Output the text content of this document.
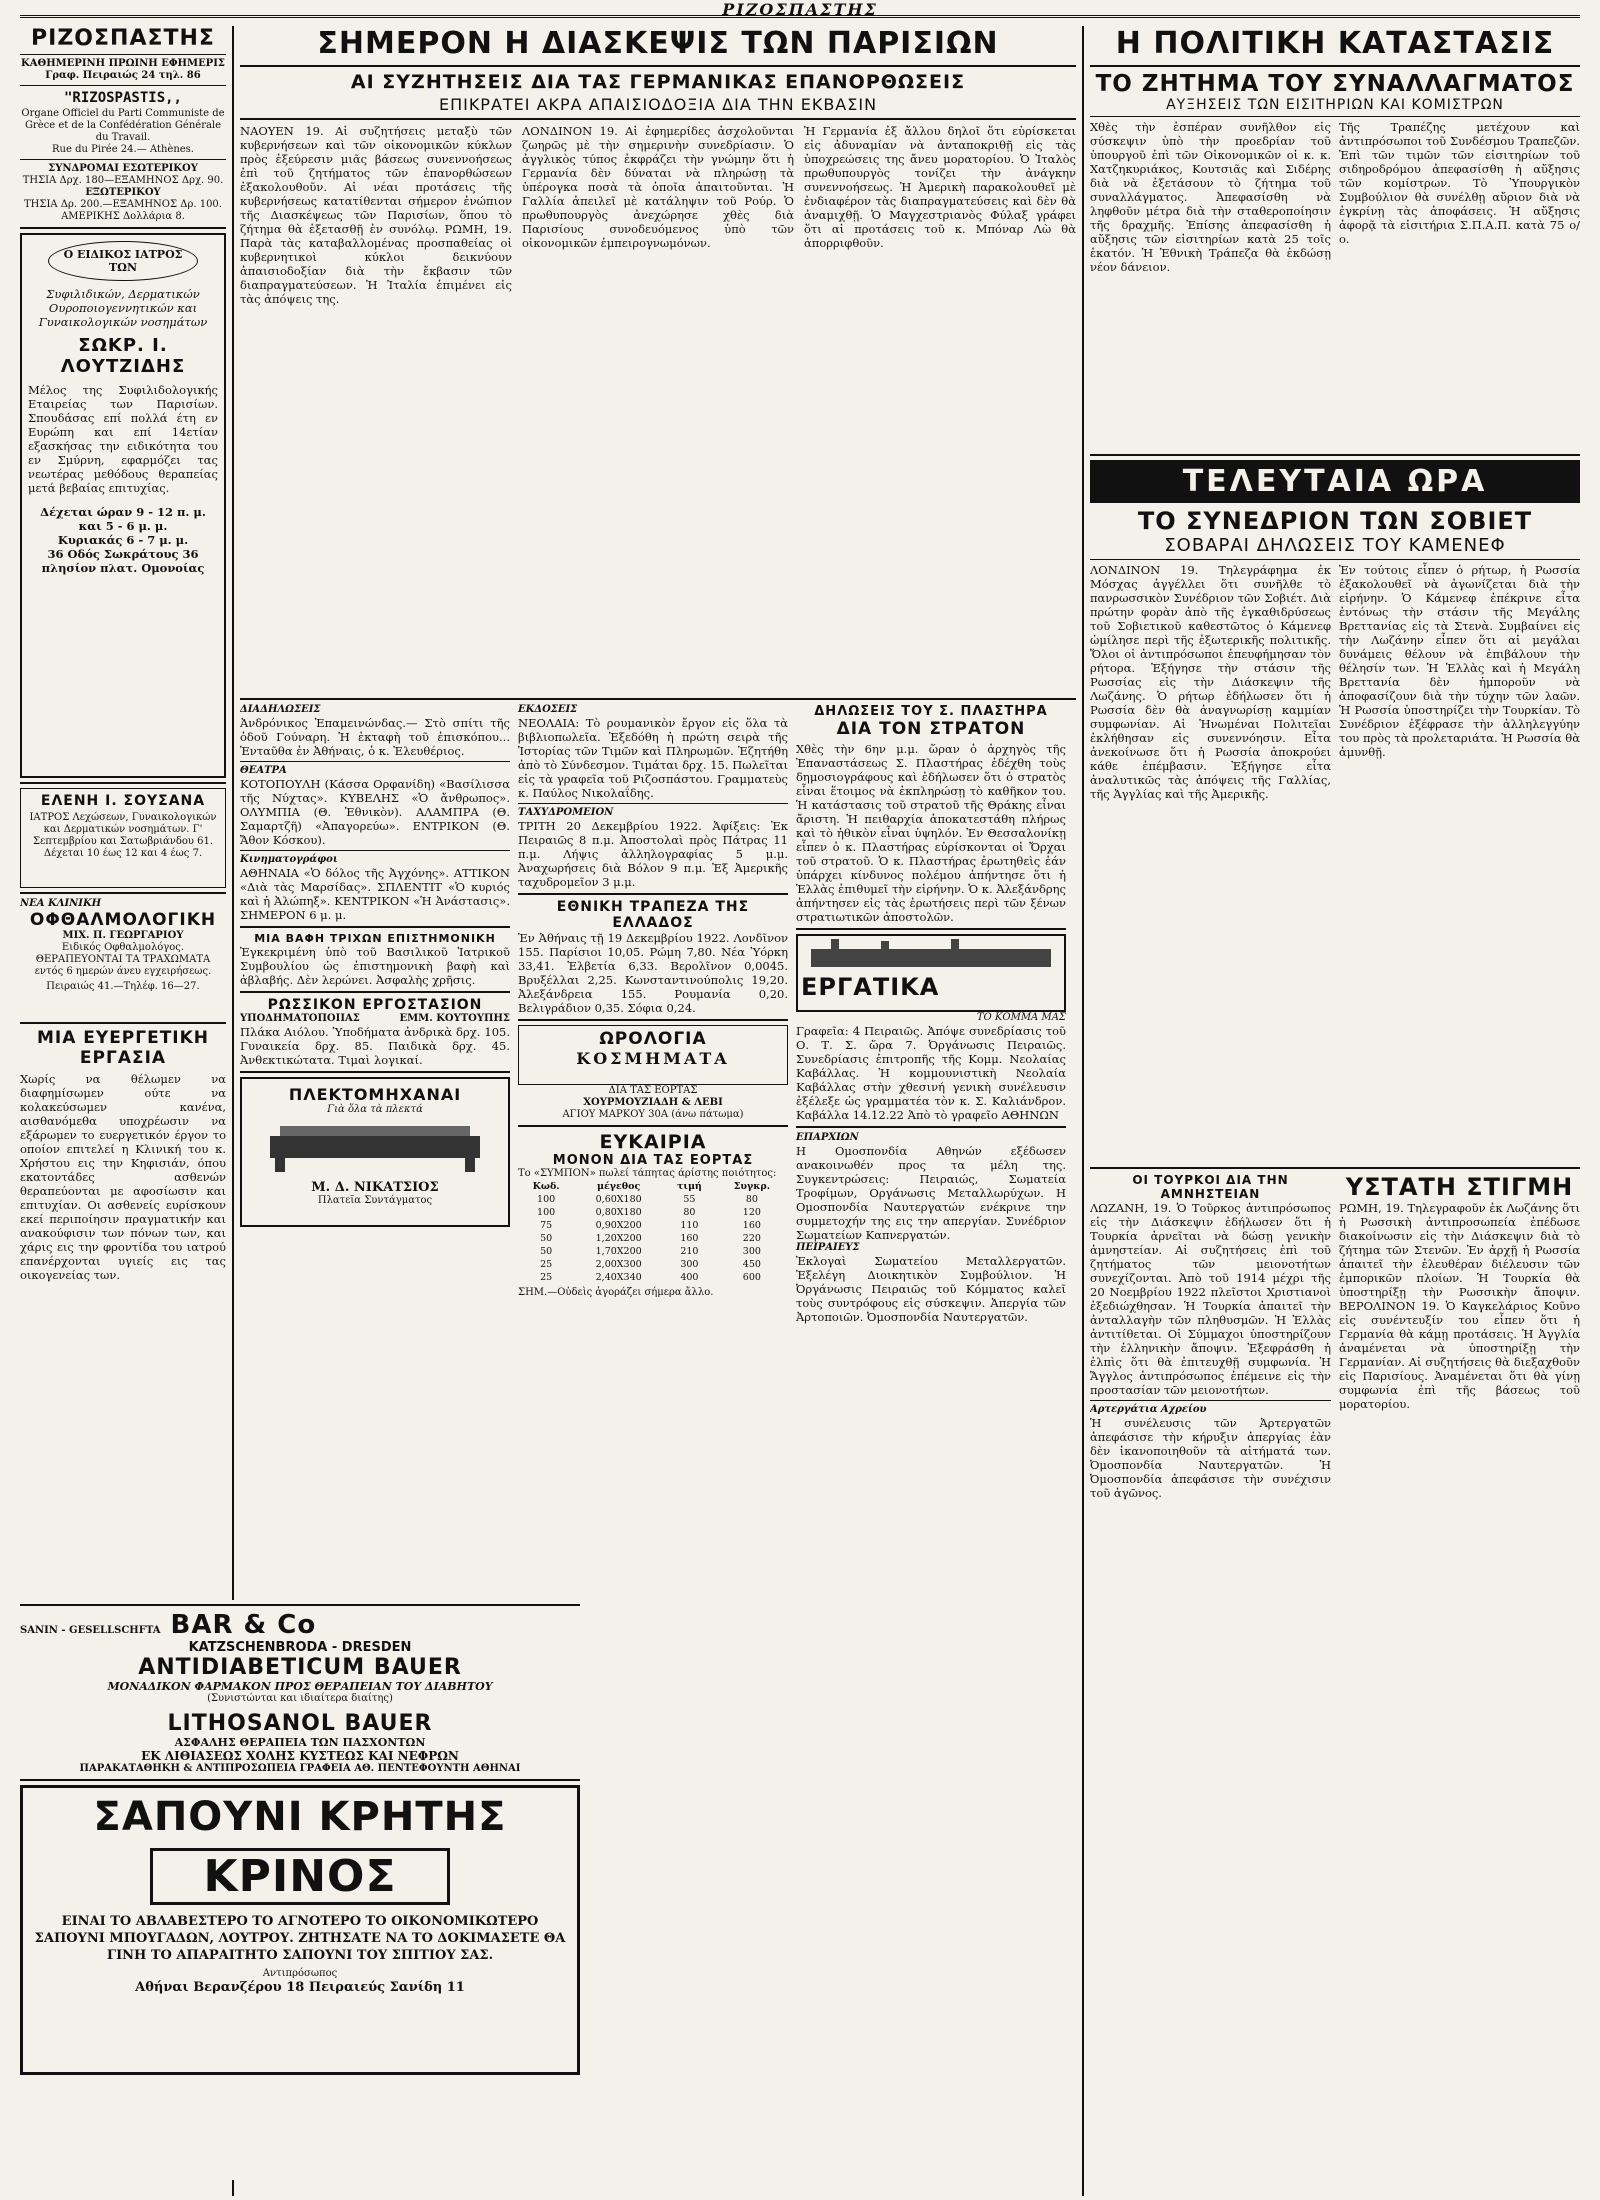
ΡΙΖΟΣΠΑΣΤΗΣ
ΡΙΖΟΣΠΑΣΤΗΣ
ΚΑΘΗΜΕΡΙΝΗ ΠΡΩΙΝΗ ΕΦΗΜΕΡΙΣ
Γραφ. Πειραιώς 24 τηλ. 86
"RIZOSPASTIS,,
Organe Officiel du Parti Communiste de Grèce et de la Confédération Générale du Travail.
Rue du Pirée 24.— Athènes.
ΣΥΝΔΡΟΜΑΙ ΕΣΩΤΕΡΙΚΟΥ
ΤΗΣΙΑ Δρχ. 180—ΕΞΑΜΗΝΟΣ Δρχ. 90.
ΕΞΩΤΕΡΙΚΟΥ
ΤΗΣΙΑ Δρ. 200.—ΕΞΑΜΗΝΟΣ Δρ. 100.
ΑΜΕΡΙΚΗΣ Δολλάρια 8.
Ο ΕΙΔΙΚΟΣ ΙΑΤΡΟΣ ΤΩΝ
Συφιλιδικών, Δερματικών Ουροποιογεννητικών και Γυναικολογικών νοσημάτων
ΣΩΚΡ. Ι. ΛΟΥΤΖΙΔΗΣ
Μέλος της Συφιλιδολογικής Εταιρείας των Παρισίων. Σπουδάσας επί πολλά έτη εν Ευρώπη και επί 14ετίαν εξασκήσας την ειδικότητα του εν Σμύρνη, εφαρμόζει τας νεωτέρας μεθόδους θεραπείας μετά βεβαίας επιτυχίας.
Δέχεται ώραν 9 - 12 π. μ. και 5 - 6 μ. μ.
Κυριακάς 6 - 7 μ. μ.
36 Οδός Σωκράτους 36 πλησίον πλατ. Ομονοίας
ΕΛΕΝΗ Ι. ΣΟΥΣΑΝΑ
ΙΑΤΡΟΣ Λεχώσεων, Γυναικολογικών και Δερματικών νοσημάτων. Γ' Σεπτεμβρίου και Σατωβριάνδου 61. Δέχεται 10 έως 12 και 4 έως 7.
ΝΕΑ ΚΛΙΝΙΚΗ
ΟΦΘΑΛΜΟΛΟΓΙΚΗ
ΜΙΧ. Π. ΓΕΩΡΓΑΡΙΟΥ
Ειδικός Οφθαλμολόγος. ΘΕΡΑΠΕΥΟΝΤΑΙ ΤΑ ΤΡΑΧΩΜΑΤΑ εντός 6 ημερών άνευ εγχειρήσεως.
Πειραιώς 41.—Τηλέφ. 16—27.
ΜΙΑ ΕΥΕΡΓΕΤΙΚΗ ΕΡΓΑΣΙΑ
Χωρίς να θέλωμεν να διαφημίσωμεν ούτε να κολακεύσωμεν κανένα, αισθανόμεθα υποχρέωσιν να εξάρωμεν το ευεργετικόν έργον το οποίον επιτελεί η Κλινική του κ. Χρήστου εις την Κηφισιάν, όπου εκατοντάδες ασθενών θεραπεύονται με αφοσίωσιν και επιτυχίαν. Οι ασθενείς ευρίσκουν εκεί περιποίησιν πραγματικήν και ανακούφισιν των πόνων των, και χάρις εις την φροντίδα του ιατρού επανέρχονται υγιείς εις τας οικογενείας των.
ΣΗΜΕΡΟΝ Η ΔΙΑΣΚΕΨΙΣ ΤΩΝ ΠΑΡΙΣΙΩΝ
ΑΙ ΣΥΖΗΤΗΣΕΙΣ ΔΙΑ ΤΑΣ ΓΕΡΜΑΝΙΚΑΣ ΕΠΑΝΟΡΘΩΣΕΙΣ
ΕΠΙΚΡΑΤΕΙ ΑΚΡΑ ΑΠΑΙΣΙΟΔΟΞΙΑ ΔΙΑ ΤΗΝ ΕΚΒΑΣΙΝ
ΝΑΟΥΕΝ 19. Αἱ συζητήσεις μεταξὺ τῶν κυβερνήσεων καὶ τῶν οἰκονομικῶν κύκλων πρὸς ἐξεύρεσιν μιᾶς βάσεως συνεννοήσεως ἐπὶ τοῦ ζητήματος τῶν ἐπανορθώσεων ἐξακολουθοῦν. Αἱ νέαι προτάσεις τῆς κυβερνήσεως κατατίθενται σήμερον ἐνώπιον τῆς Διασκέψεως τῶν Παρισίων, ὅπου τὸ ζήτημα θὰ ἐξετασθῇ ἐν συνόλῳ. ΡΩΜΗ, 19. Παρὰ τὰς καταβαλλομένας προσπαθείας οἱ κυβερνητικοὶ κύκλοι δεικνύουν ἀπαισιοδοξίαν διὰ τὴν ἔκβασιν τῶν διαπραγματεύσεων. Ἡ Ἰταλία ἐπιμένει εἰς τὰς ἀπόψεις της.
ΛΟΝΔΙΝΟΝ 19. Αἱ ἐφημερίδες ἀσχολοῦνται ζωηρῶς μὲ τὴν σημερινὴν συνεδρίασιν. Ὁ ἀγγλικὸς τύπος ἐκφράζει τὴν γνώμην ὅτι ἡ Γερμανία δὲν δύναται νὰ πληρώσῃ τὰ ὑπέρογκα ποσὰ τὰ ὁποῖα ἀπαιτοῦνται. Ἡ Γαλλία ἀπειλεῖ μὲ κατάληψιν τοῦ Ρούρ. Ὁ πρωθυπουργὸς ἀνεχώρησε χθὲς διὰ Παρισίους συνοδευόμενος ὑπὸ τῶν οἰκονομικῶν ἐμπειρογνωμόνων.
Ἡ Γερμανία ἐξ ἄλλου δηλοῖ ὅτι εὑρίσκεται εἰς ἀδυναμίαν νὰ ἀνταποκριθῇ εἰς τὰς ὑποχρεώσεις της ἄνευ μορατορίου. Ὁ Ἰταλὸς πρωθυπουργὸς τονίζει τὴν ἀνάγκην συνεννοήσεως. Ἡ Ἀμερικὴ παρακολουθεῖ μὲ ἐνδιαφέρον τὰς διαπραγματεύσεις καὶ δὲν θὰ ἀναμιχθῇ. Ὁ Μαγχεστριανὸς Φύλαξ γράφει ὅτι αἱ προτάσεις τοῦ κ. Μπόναρ Λὼ θὰ ἀπορριφθοῦν.
ΔΙΑΔΗΛΩΣΕΙΣ
Ἀνδρόνικος Ἐπαμεινώνδας.— Στὸ σπίτι τῆς ὁδοῦ Γούναρη. Ἡ ἐκταφὴ τοῦ ἐπισκόπου... Ἐνταῦθα ἐν Ἀθήναις, ὁ κ. Ἐλευθέριος.
ΘΕΑΤΡΑ
ΚΟΤΟΠΟΥΛΗ (Κάσσα Ορφανίδη) «Βασίλισσα τῆς Νύχτας». ΚΥΒΕΛΗΣ «Ὁ ἄνθρωπος». ΟΛΥΜΠΙΑ (Θ. Ἐθνικὸν). ΑΛΑΜΠΡΑ (Θ. Σαμαρτζῆ) «Ἀπαγορεύω». ΕΝΤΡΙΚΟΝ (Θ. Ἄθον Κόσκου).
Κινηματογράφοι
ΑΘΗΝΑΙΑ «Ὁ δόλος τῆς Ἀγχόνης». ΑΤΤΙΚΟΝ «Διὰ τὰς Μαρσίδας». ΣΠΛΕΝΤΙΤ «Ὁ κυριός καὶ ἡ Ἀλώπηξ». ΚΕΝΤΡΙΚΟΝ «Ἡ Ἀνάστασις». ΣΗΜΕΡΟΝ 6 μ. μ.
ΜΙΑ ΒΑΦΗ ΤΡΙΧΩΝ ΕΠΙΣΤΗΜΟΝΙΚΗ
Ἐγκεκριμένη ὑπὸ τοῦ Βασιλικοῦ Ἰατρικοῦ Συμβουλίου ὡς ἐπιστημονικὴ βαφὴ καὶ ἀβλαβής. Δὲν λερώνει. Ἀσφαλὴς χρῆσις.
ΡΩΣΣΙΚΟΝ ΕΡΓΟΣΤΑΣΙΟΝ
ΥΠΟΔΗΜΑΤΟΠΟΙΙΑΣ	ΕΜΜ. ΚΟΥΤΟΥΠΗΣ
Πλάκα Αιόλου. Ὑποδήματα ἀνδρικὰ δρχ. 105. Γυναικεία δρχ. 85. Παιδικὰ δρχ. 45. Ἀνθεκτικώτατα. Τιμαὶ λογικαί.
ΠΛΕΚΤΟΜΗΧΑΝΑΙ
Γιὰ ὅλα τὰ πλεκτά
Μ. Δ. ΝΙΚΑΤΣΙΟΣ
Πλατεῖα Συντάγματος
ΕΚΔΟΣΕΙΣ
ΝΕΟΛΑΙΑ: Τὸ ρουμανικὸν ἔργον εἰς ὅλα τὰ βιβλιοπωλεῖα. Ἐξεδόθη ἡ πρώτη σειρὰ τῆς Ἰστορίας τῶν Τιμῶν καὶ Πληρωμῶν. Ἐζητήθη ἀπὸ τὸ Σύνδεσμον. Τιμάται δρχ. 15. Πωλεῖται εἰς τὰ γραφεῖα τοῦ Ριζοσπάστου. Γραμματεὺς κ. Παύλος Νικολαΐδης.
ΤΑΧΥΔΡΟΜΕΙΟΝ
ΤΡΙΤΗ 20 Δεκεμβρίου 1922. Ἀφίξεις: Ἐκ Πειραιῶς 8 π.μ. Ἀποστολαὶ πρὸς Πάτρας 11 π.μ. Λήψις ἀλληλογραφίας 5 μ.μ. Ἀναχωρήσεις διὰ Βόλον 9 π.μ. Ἐξ Ἀμερικῆς ταχυδρομεῖον 3 μ.μ.
ΕΘΝΙΚΗ ΤΡΑΠΕΖΑ ΤΗΣ ΕΛΛΑΔΟΣ
Ἐν Ἀθήναις τῇ 19 Δεκεμβρίου 1922. Λονδῖνον 155. Παρίσιοι 10,05. Ρώμη 7,80. Νέα Ὑόρκη 33,41. Ἑλβετία 6,33. Βερολῖνον 0,0045. Βρυξέλλαι 2,25. Κωνσταντινούπολις 19,20. Ἀλεξάνδρεια 155. Ρουμανία 0,20. Βελιγράδιον 0,35. Σόφια 0,24.
ΩΡΟΛΟΓΙΑ
ΚΟΣΜΗΜΑΤΑ
ΔΙΑ ΤΑΣ ΕΟΡΤΑΣ
ΧΟΥΡΜΟΥΖΙΑΔΗ & ΛΕΒΙ
ΑΓΙΟΥ ΜΑΡΚΟΥ 30Α (άνω πάτωμα)
ΕΥΚΑΙΡΙΑ
ΜΟΝΟΝ ΔΙΑ ΤΑΣ ΕΟΡΤΑΣ
Το «ΣΥΜΠΟΝ» πωλεί τάπητας άρίστης ποιότητος:
Κωδ.	μέγεθος	τιμή	Συγκρ.
100	0,60Χ180	55	80
100	0,80Χ180	80	120
75	0,90Χ200	110	160
50	1,20Χ200	160	220
50	1,70Χ200	210	300
25	2,00Χ300	300	450
25	2,40Χ340	400	600
ΣΗΜ.—Οὐδεὶς ἀγοράζει σήμερα ἄλλο.
ΔΗΛΩΣΕΙΣ ΤΟΥ Σ. ΠΛΑΣΤΗΡΑ
ΔΙΑ ΤΟΝ ΣΤΡΑΤΟΝ
Χθὲς τὴν 6ην μ.μ. ὥραν ὁ ἀρχηγὸς τῆς Ἐπαναστάσεως Σ. Πλαστήρας ἐδέχθη τοὺς δημοσιογράφους καὶ ἐδήλωσεν ὅτι ὁ στρατὸς εἶναι ἕτοιμος νὰ ἐκπληρώσῃ τὸ καθῆκον του. Ἡ κατάστασις τοῦ στρατοῦ τῆς Θράκης εἶναι ἄριστη. Ἡ πειθαρχία ἀποκατεστάθη πλήρως καὶ τὸ ἠθικὸν εἶναι ὑψηλόν. Ἐν Θεσσαλονίκῃ εἶπεν ὁ κ. Πλαστήρας εὑρίσκονται οἱ Ὄρχαι τοῦ στρατοῦ. Ὁ κ. Πλαστήρας ἐρωτηθεὶς ἐάν ὑπάρχει κίνδυνος πολέμου ἀπήντησε ὅτι ἡ Ἑλλὰς ἐπιθυμεῖ τὴν εἰρήνην. Ὁ κ. Ἀλεξάνδρης ἀπήντησεν εἰς τὰς ἐρωτήσεις περὶ τῶν ξένων στρατιωτικῶν ἀποστολῶν.
ΕΡΓΑΤΙΚΑ
ΤΟ ΚΟΜΜΑ ΜΑΣ
Γραφεῖα: 4 Πειραιῶς. Ἀπόψε συνεδρίασις τοῦ Ο. Τ. Σ. ὥρα 7. Ὀργάνωσις Πειραιῶς. Συνεδρίασις ἐπιτροπῆς τῆς Κομμ. Νεολαίας Καβάλλας. Ἡ κομμουνιστικὴ Νεολαία Καβάλλας στὴν χθεσινή γενικὴ συνέλευσιν ἐξέλεξε ὡς γραμματέα τὸν κ. Σ. Καλιάνδρον. Καβάλλα 14.12.22 Ἀπὸ τὸ γραφεῖο ΑΘΗΝΩΝ
ΕΠΑΡΧΙΩΝ
Η Ομοσπονδία Αθηνών εξέδωσεν ανακοινωθέν προς τα μέλη της. Συγκεντρώσεις: Πειραιώς, Σωματεία Τροφίμων, Οργάνωσις Μεταλλωρύχων. Η Ομοσπονδία Ναυτεργατών ενέκρινε την συμμετοχήν της εις την απεργίαν. Συνέδριον Σωματείων Καπνεργατών.
ΠΕΙΡΑΙΕΥΣ
Ἐκλογαὶ Σωματείου Μεταλλεργατῶν. Ἐξελέγη Διοικητικὸν Συμβούλιον. Ἡ Ὀργάνωσις Πειραιῶς τοῦ Κόμματος καλεῖ τοὺς συντρόφους εἰς σύσκεψιν. Ἀπεργία τῶν Ἀρτοποιῶν. Ὀμοσπονδία Ναυτεργατῶν.
SANIN - GESELLSCHFTA BAR & Co
KATZSCHENBRODA - DRESDEN
ANTIDIABETICUM BAUER
ΜΟΝΑΔΙΚΟΝ ΦΑΡΜΑΚΟΝ ΠΡΟΣ ΘΕΡΑΠΕΙΑΝ ΤΟΥ ΔΙΑΒΗΤΟΥ
(Συνιστώνται και ιδιαίτερα διαίτης)
LITHOSANOL BAUER
ΑΣΦΑΛΗΣ ΘΕΡΑΠΕΙΑ ΤΩΝ ΠΑΣΧΟΝΤΩΝ
ΕΚ ΛΙΘΙΑΣΕΩΣ ΧΟΛΗΣ ΚΥΣΤΕΩΣ ΚΑΙ ΝΕΦΡΩΝ
ΠΑΡΑΚΑΤΑΘΗΚΗ & ΑΝΤΙΠΡΟΣΩΠΕΙΑ ΓΡΑΦΕΙΑ ΑΘ. ΠΕΝΤΕΦΟΥΝΤΗ ΑΘΗΝΑΙ
ΣΑΠΟΥΝΙ ΚΡΗΤΗΣ
ΚΡΙΝΟΣ
ΕΙΝΑΙ ΤΟ ΑΒΛΑΒΕΣΤΕΡΟ ΤΟ ΑΓΝΟΤΕΡΟ ΤΟ ΟΙΚΟΝΟΜΙΚΩΤΕΡΟ ΣΑΠΟΥΝΙ ΜΠΟΥΓΑΔΩΝ, ΛΟΥΤΡΟΥ. ΖΗΤΗΣΑΤΕ ΝΑ ΤΟ ΔΟΚΙΜΑΣΕΤΕ ΘΑ ΓΙΝΗ ΤΟ ΑΠΑΡΑΙΤΗΤΟ ΣΑΠΟΥΝΙ ΤΟΥ ΣΠΙΤΙΟΥ ΣΑΣ.
Αντιπρόσωπος
Αθήναι Βερανζέρου 18 Πειραιεύς Σανίδη 11
Η ΠΟΛΙΤΙΚΗ ΚΑΤΑΣΤΑΣΙΣ
ΤΟ ΖΗΤΗΜΑ ΤΟΥ ΣΥΝΑΛΛΑΓΜΑΤΟΣ
ΑΥΞΗΣΕΙΣ ΤΩΝ ΕΙΣΙΤΗΡΙΩΝ ΚΑΙ ΚΟΜΙΣΤΡΩΝ
Χθὲς τὴν ἑσπέραν συνῆλθον εἰς σύσκεψιν ὑπὸ τὴν προεδρίαν τοῦ ὑπουργοῦ ἐπὶ τῶν Οἰκονομικῶν οἱ κ. κ. Χατζηκυριάκος, Κουτσιᾶς καὶ Σιδέρης διὰ νὰ ἐξετάσουν τὸ ζήτημα τοῦ συναλλάγματος. Ἀπεφασίσθη νὰ ληφθοῦν μέτρα διὰ τὴν σταθεροποίησιν τῆς δραχμῆς. Ἐπίσης ἀπεφασίσθη ἡ αὔξησις τῶν εἰσιτηρίων κατὰ 25 τοῖς ἑκατόν. Ἡ Ἐθνικὴ Τράπεζα θὰ ἐκδώσῃ νέον δάνειον.
Τῆς Τραπέζης μετέχουν καὶ ἀντιπρόσωποι τοῦ Συνδέσμου Τραπεζῶν. Ἐπὶ τῶν τιμῶν τῶν εἰσιτηρίων τοῦ σιδηροδρόμου ἀπεφασίσθη ἡ αὔξησις τῶν κομίστρων. Τὸ Ὑπουργικὸν Συμβούλιον θὰ συνέλθῃ αὔριον διὰ νὰ ἐγκρίνῃ τὰς ἀποφάσεις. Ἡ αὔξησις ἀφορᾷ τὰ εἰσιτήρια Σ.Π.Α.Π. κατὰ 75 ο/ο.
ΤΕΛΕΥΤΑΙΑ ΩΡΑ
ΤΟ ΣΥΝΕΔΡΙΟΝ ΤΩΝ ΣΟΒΙΕΤ
ΣΟΒΑΡΑΙ ΔΗΛΩΣΕΙΣ ΤΟΥ ΚΑΜΕΝΕΦ
ΛΟΝΔΙΝΟΝ 19. Τηλεγράφημα ἐκ Μόσχας ἀγγέλλει ὅτι συνῆλθε τὸ πανρωσσικὸν Συνέδριον τῶν Σοβιέτ. Διὰ πρώτην φορὰν ἀπὸ τῆς ἐγκαθιδρύσεως τοῦ Σοβιετικοῦ καθεστῶτος ὁ Κάμενεφ ὡμίλησε περὶ τῆς ἐξωτερικῆς πολιτικῆς. Ὅλοι οἱ ἀντιπρόσωποι ἐπευφήμησαν τὸν ρήτορα. Ἐξήγησε τὴν στάσιν τῆς Ρωσσίας εἰς τὴν Διάσκεψιν τῆς Λωζάνης. Ὁ ρήτωρ ἐδήλωσεν ὅτι ἡ Ρωσσία δὲν θὰ ἀναγνωρίσῃ καμμίαν συμφωνίαν. Αἱ Ἡνωμέναι Πολιτεῖαι ἐκλήθησαν εἰς συνεννόησιν. Εἶτα ἀνεκοίνωσε ὅτι ἡ Ρωσσία ἀποκρούει κάθε ἐπέμβασιν. Ἐξήγησε εἶτα ἀναλυτικῶς τὰς ἀπόψεις τῆς Γαλλίας, τῆς Ἀγγλίας καὶ τῆς Ἀμερικῆς.
Ἐν τούτοις εἶπεν ὁ ρήτωρ, ἡ Ρωσσία ἐξακολουθεῖ νὰ ἀγωνίζεται διὰ τὴν εἰρήνην. Ὁ Κάμενεφ ἐπέκρινε εἶτα ἐντόνως τὴν στάσιν τῆς Μεγάλης Βρεττανίας εἰς τὰ Στενὰ. Συμβαίνει εἰς τὴν Λωζάνην εἶπεν ὅτι αἱ μεγάλαι δυνάμεις θέλουν νὰ ἐπιβάλουν τὴν θέλησίν των. Ἡ Ἑλλὰς καὶ ἡ Μεγάλη Βρεττανία δὲν ἠμποροῦν νὰ ἀποφασίζουν διὰ τὴν τύχην τῶν λαῶν. Ἡ Ρωσσία ὑποστηρίζει τὴν Τουρκίαν. Τὸ Συνέδριον ἐξέφρασε τὴν ἀλληλεγγύην του πρὸς τὰ προλεταριάτα. Ἡ Ρωσσία θὰ ἀμυνθῇ.
ΟΙ ΤΟΥΡΚΟΙ ΔΙΑ ΤΗΝ ΑΜΝΗΣΤΕΙΑΝ
ΛΩΖΑΝΗ, 19. Ὁ Τοῦρκος ἀντιπρόσωπος εἰς τὴν Διάσκεψιν ἐδήλωσεν ὅτι ἡ Τουρκία ἀρνεῖται νὰ δώσῃ γενικὴν ἀμνηστείαν. Αἱ συζητήσεις ἐπὶ τοῦ ζητήματος τῶν μειονοτήτων συνεχίζονται. Ἀπὸ τοῦ 1914 μέχρι τῆς 20 Νοεμβρίου 1922 πλεῖστοι Χριστιανοὶ ἐξεδιώχθησαν. Ἡ Τουρκία ἀπαιτεῖ τὴν ἀνταλλαγὴν τῶν πληθυσμῶν. Ἡ Ἑλλὰς ἀντιτίθεται. Οἱ Σύμμαχοι ὑποστηρίζουν τὴν ἑλληνικὴν ἄποψιν. Ἐξεφράσθη ἡ ἐλπὶς ὅτι θὰ ἐπιτευχθῇ συμφωνία. Ἡ Ἄγγλος ἀντιπρόσωπος ἐπέμεινε εἰς τὴν προστασίαν τῶν μειονοτήτων.
Αρτεργάτια Αχρείου
Ἡ συνέλευσις τῶν Ἀρτεργατῶν ἀπεφάσισε τὴν κήρυξιν ἀπεργίας ἐὰν δὲν ἱκανοποιηθοῦν τὰ αἰτήματά των. Ὀμοσπονδία Ναυτεργατῶν. Ἡ Ὀμοσπονδία ἀπεφάσισε τὴν συνέχισιν τοῦ ἀγῶνος.
ΥΣΤΑΤΗ ΣΤΙΓΜΗ
ΡΩΜΗ, 19. Τηλεγραφοῦν ἐκ Λωζάνης ὅτι ἡ Ρωσσικὴ ἀντιπροσωπεία ἐπέδωσε διακοίνωσιν εἰς τὴν Διάσκεψιν διὰ τὸ ζήτημα τῶν Στενῶν. Ἐν ἀρχῇ ἡ Ρωσσία ἀπαιτεῖ τὴν ἐλευθέραν διέλευσιν τῶν ἐμπορικῶν πλοίων. Ἡ Τουρκία θὰ ὑποστηρίξῃ τὴν Ρωσσικὴν ἄποψιν. ΒΕΡΟΛΙΝΟΝ 19. Ὁ Καγκελάριος Κοῦνο εἰς συνέντευξίν του εἶπεν ὅτι ἡ Γερμανία θὰ κάμῃ προτάσεις. Ἡ Ἀγγλία ἀναμένεται νὰ ὑποστηρίξῃ τὴν Γερμανίαν. Αἱ συζητήσεις θὰ διεξαχθοῦν εἰς Παρισίους. Ἀναμένεται ὅτι θὰ γίνῃ συμφωνία ἐπὶ τῆς βάσεως τοῦ μορατορίου.
